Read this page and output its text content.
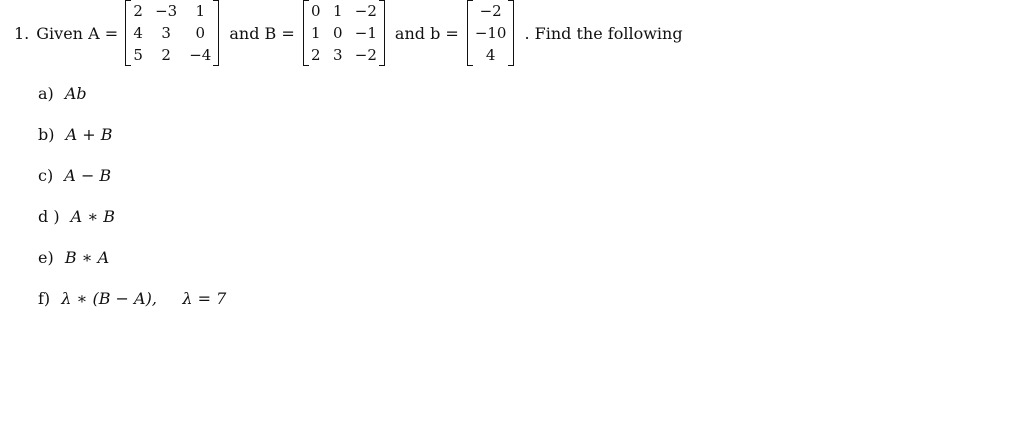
1. Given A =
2 −3 1
4 3 0
5 2 −4
and B =
0 1 −2
1 0 −1
2 3 −2
and b =
−2
−10
4
. Find the following
a) Ab
b) A + B
c) A − B
d ) A ∗ B
e) B ∗ A
f) λ ∗ (B − A),     λ = 7
